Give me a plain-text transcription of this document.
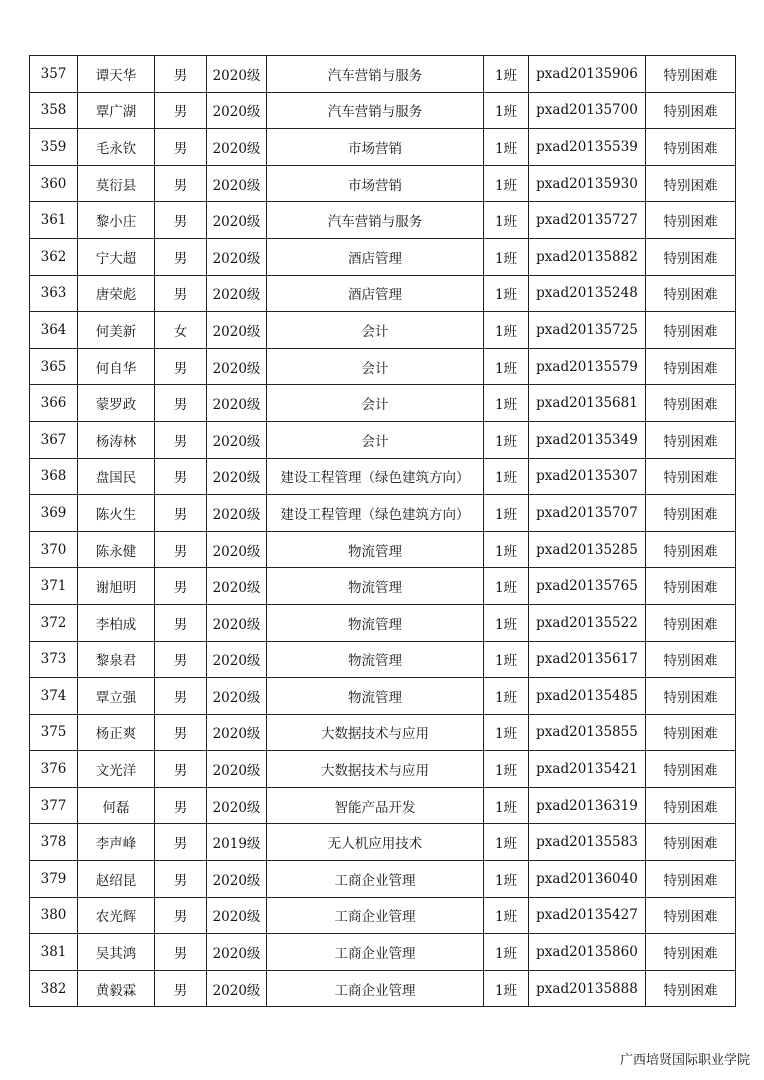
357	谭天华	男	2020级	汽车营销与服务	1班	pxad20135906	特别困难
358	覃广湖	男	2020级	汽车营销与服务	1班	pxad20135700	特别困难
359	毛永钦	男	2020级	市场营销	1班	pxad20135539	特别困难
360	莫衍县	男	2020级	市场营销	1班	pxad20135930	特别困难
361	黎小庄	男	2020级	汽车营销与服务	1班	pxad20135727	特别困难
362	宁大超	男	2020级	酒店管理	1班	pxad20135882	特别困难
363	唐荣彪	男	2020级	酒店管理	1班	pxad20135248	特别困难
364	何美新	女	2020级	会计	1班	pxad20135725	特别困难
365	何自华	男	2020级	会计	1班	pxad20135579	特别困难
366	蒙罗政	男	2020级	会计	1班	pxad20135681	特别困难
367	杨涛林	男	2020级	会计	1班	pxad20135349	特别困难
368	盘国民	男	2020级	建设工程管理（绿色建筑方向）	1班	pxad20135307	特别困难
369	陈火生	男	2020级	建设工程管理（绿色建筑方向）	1班	pxad20135707	特别困难
370	陈永健	男	2020级	物流管理	1班	pxad20135285	特别困难
371	谢旭明	男	2020级	物流管理	1班	pxad20135765	特别困难
372	李柏成	男	2020级	物流管理	1班	pxad20135522	特别困难
373	黎泉君	男	2020级	物流管理	1班	pxad20135617	特别困难
374	覃立强	男	2020级	物流管理	1班	pxad20135485	特别困难
375	杨正爽	男	2020级	大数据技术与应用	1班	pxad20135855	特别困难
376	文光洋	男	2020级	大数据技术与应用	1班	pxad20135421	特别困难
377	何磊	男	2020级	智能产品开发	1班	pxad20136319	特别困难
378	李声峰	男	2019级	无人机应用技术	1班	pxad20135583	特别困难
379	赵绍昆	男	2020级	工商企业管理	1班	pxad20136040	特别困难
380	农光辉	男	2020级	工商企业管理	1班	pxad20135427	特别困难
381	吴其鸿	男	2020级	工商企业管理	1班	pxad20135860	特别困难
382	黄毅霖	男	2020级	工商企业管理	1班	pxad20135888	特别困难
广西培贤国际职业学院
